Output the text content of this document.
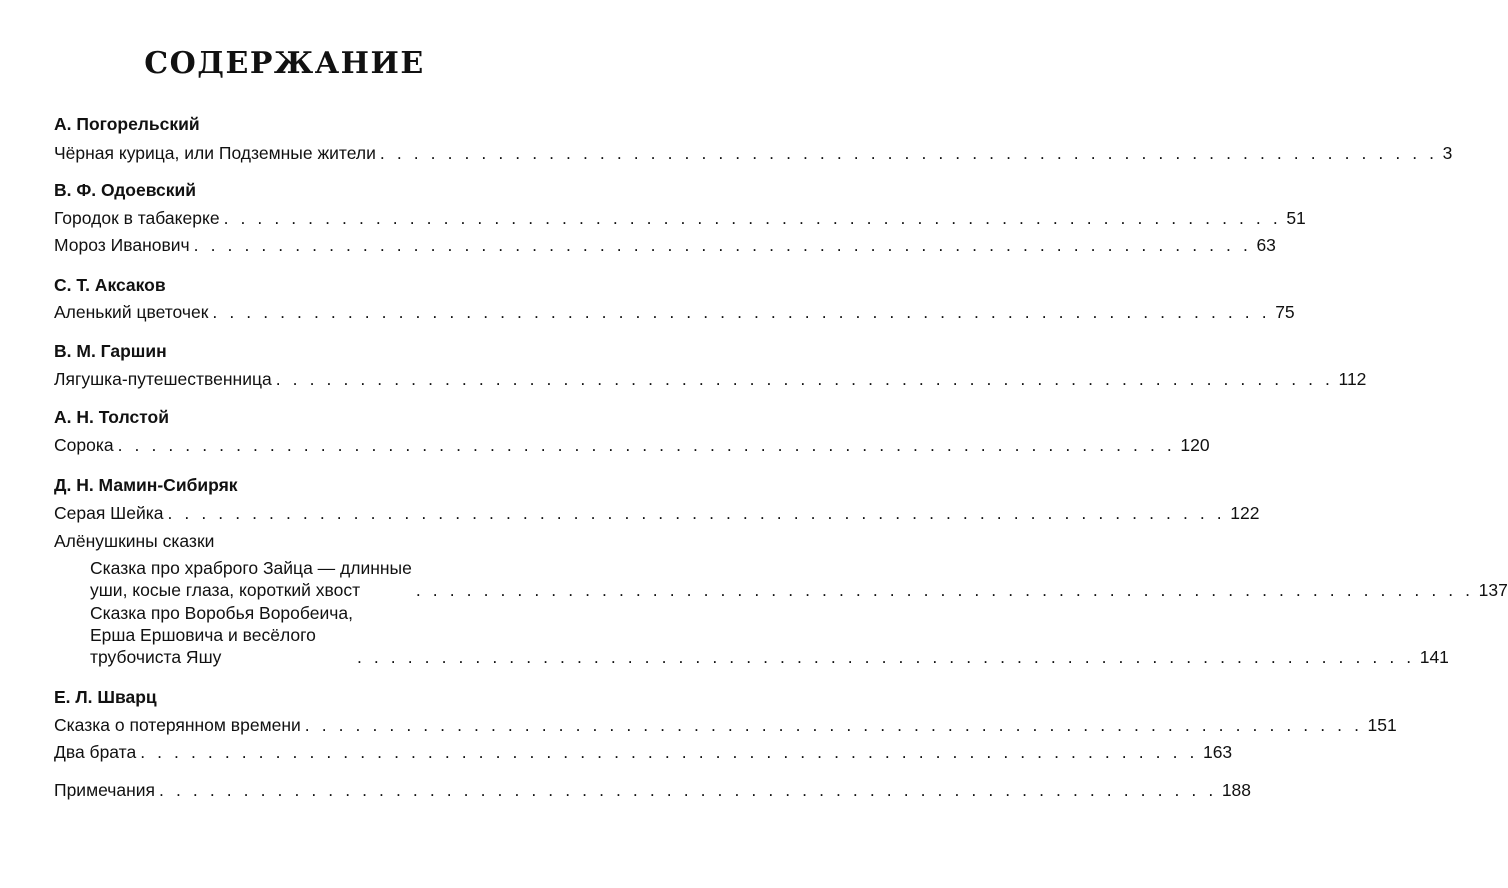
СОДЕРЖАНИЕ
А. Погорельский
Чёрная курица, или Подземные жители . . . . . . . . . . . . . . . . . . . . . . . . . . . . . . . . . . . . . . . . . . . . . . . . . . . . . . . . . . . . . . . 3
В. Ф. Одоевский
Городок в табакерке . . . . . . . . . . . . . . . . . . . . . . . . . . . . . . . . . . . . . . . . . . . . . . . . . . . . . . . . . . . . . . . 51
Мороз Иванович . . . . . . . . . . . . . . . . . . . . . . . . . . . . . . . . . . . . . . . . . . . . . . . . . . . . . . . . . . . . . . . 63
С. Т. Аксаков
Аленький цветочек . . . . . . . . . . . . . . . . . . . . . . . . . . . . . . . . . . . . . . . . . . . . . . . . . . . . . . . . . . . . . . . 75
В. М. Гаршин
Лягушка-путешественница . . . . . . . . . . . . . . . . . . . . . . . . . . . . . . . . . . . . . . . . . . . . . . . . . . . . . . . . . . . . . . . 112
А. Н. Толстой
Сорока . . . . . . . . . . . . . . . . . . . . . . . . . . . . . . . . . . . . . . . . . . . . . . . . . . . . . . . . . . . . . . . 120
Д. Н. Мамин-Сибиряк
Серая Шейка . . . . . . . . . . . . . . . . . . . . . . . . . . . . . . . . . . . . . . . . . . . . . . . . . . . . . . . . . . . . . . . 122
Алёнушкины сказки
Сказка про храброго Зайца — длинные
уши, косые глаза, короткий хвост	. . . . . . . . . . . . . . . . . . . . . . . . . . . . . . . . . . . . . . . . . . . . . . . . . . . . . . . . . . . . . . . 137
Сказка про Воробья Воробеича,
Ерша Ершовича и весёлого
трубочиста Яшу	. . . . . . . . . . . . . . . . . . . . . . . . . . . . . . . . . . . . . . . . . . . . . . . . . . . . . . . . . . . . . . . 141
Е. Л. Шварц
Сказка о потерянном времени . . . . . . . . . . . . . . . . . . . . . . . . . . . . . . . . . . . . . . . . . . . . . . . . . . . . . . . . . . . . . . . 151
Два брата . . . . . . . . . . . . . . . . . . . . . . . . . . . . . . . . . . . . . . . . . . . . . . . . . . . . . . . . . . . . . . . 163
Примечания . . . . . . . . . . . . . . . . . . . . . . . . . . . . . . . . . . . . . . . . . . . . . . . . . . . . . . . . . . . . . . . 188
